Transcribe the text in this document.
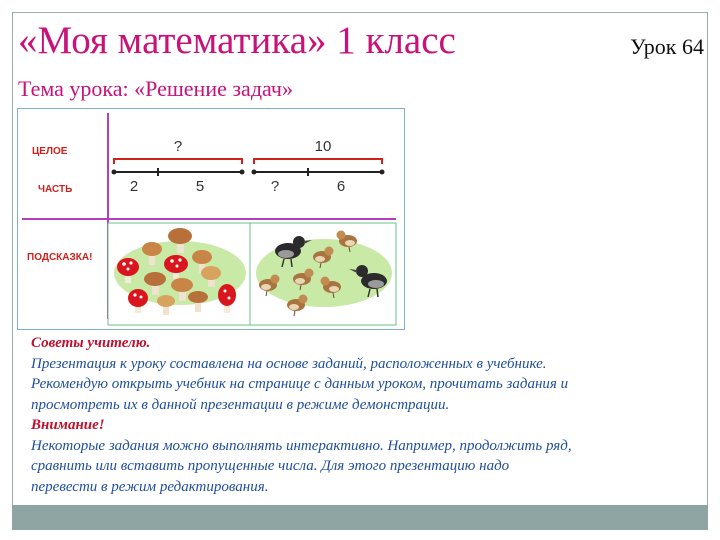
«Моя математика» 1 класс	Урок 64
Тема урока: «Решение задач»
ЦЕЛОЕ
ЧАСТЬ
ПОДСКАЗКА!
?
2	5
10
?	6
Советы учителю.
Презентация к уроку составлена на основе заданий, расположенных в учебнике.
Рекомендую открыть учебник на странице с данным уроком, прочитать задания и
просмотреть их в данной презентации в режиме демонстрации.
Внимание!
Некоторые задания можно выполнять интерактивно. Например, продолжить ряд,
сравнить или вставить пропущенные числа. Для этого презентацию надо
перевести в режим редактирования.
